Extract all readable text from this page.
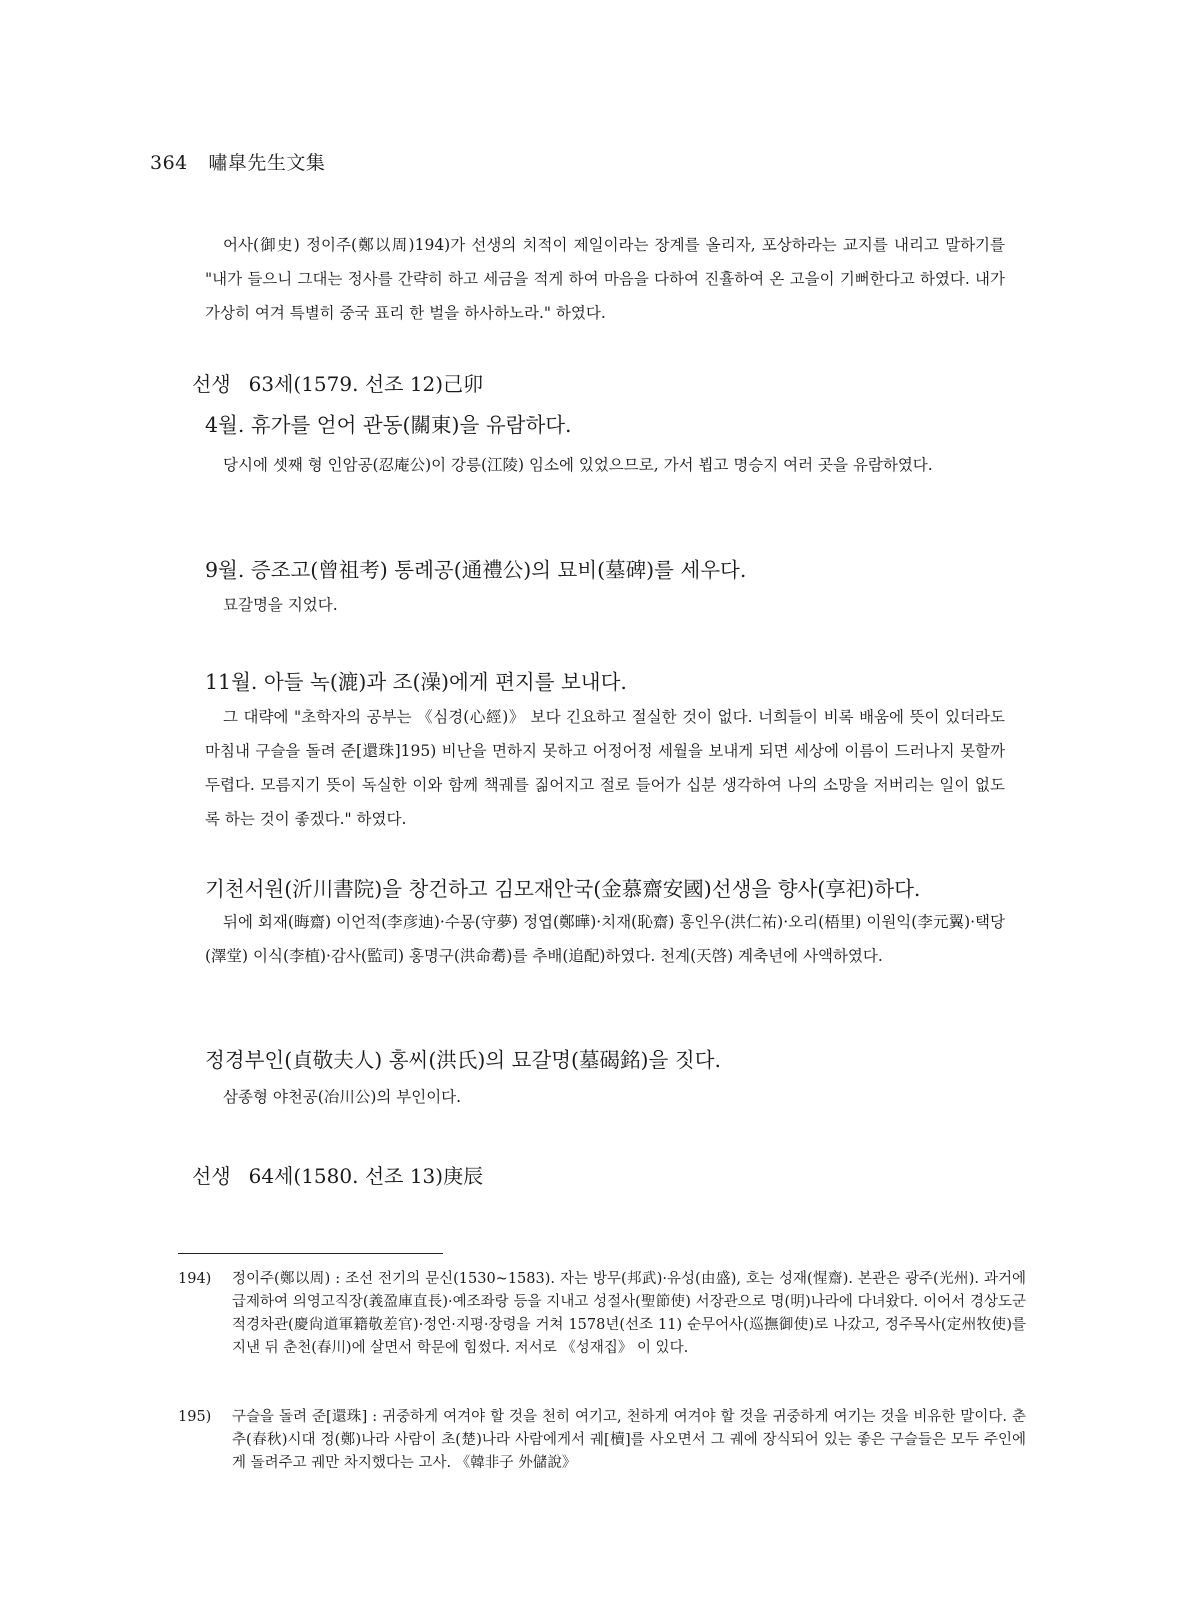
364 嘯皐先生文集

어사(御史) 정이주(鄭以周)194)가 선생의 치적이 제일이라는 장계를 올리자, 포상하라는 교지를 내리고 말하기를 "내가 들으니 그대는 정사를 간략히 하고 세금을 적게 하여 마음을 다하여 진휼하여 온 고을이 기뻐한다고 하였다. 내가 가상히 여겨 특별히 중국 표리 한 벌을 하사하노라." 하였다.

선생 63세(1579. 선조 12)己卯
4월. 휴가를 얻어 관동(關東)을 유람하다.

당시에 셋째 형 인암공(忍庵公)이 강릉(江陵) 임소에 있었으므로, 가서 뵙고 명승지 여러 곳을 유람하였다.

9월. 증조고(曾祖考) 통례공(通禮公)의 묘비(墓碑)를 세우다.

묘갈명을 지었다.

11월. 아들 녹(漉)과 조(澡)에게 편지를 보내다.

그 대략에 "초학자의 공부는 《심경(心經)》 보다 긴요하고 절실한 것이 없다. 너희들이 비록 배움에 뜻이 있더라도 마침내 구슬을 돌려 준[還珠]195) 비난을 면하지 못하고 어정어정 세월을 보내게 되면 세상에 이름이 드러나지 못할까 두렵다. 모름지기 뜻이 독실한 이와 함께 책궤를 짊어지고 절로 들어가 십분 생각하여 나의 소망을 저버리는 일이 없도록 하는 것이 좋겠다." 하였다.

기천서원(沂川書院)을 창건하고 김모재안국(金慕齋安國)선생을 향사(享祀)하다.

뒤에 회재(晦齋) 이언적(李彦迪)·수몽(守夢) 정엽(鄭曄)·치재(恥齋) 홍인우(洪仁祐)·오리(梧里) 이원익(李元翼)·택당(澤堂) 이식(李植)·감사(監司) 홍명구(洪命耈)를 추배(追配)하였다. 천계(天啓) 계축년에 사액하였다.

정경부인(貞敬夫人) 홍씨(洪氏)의 묘갈명(墓碣銘)을 짓다.

삼종형 야천공(冶川公)의 부인이다.

선생 64세(1580. 선조 13)庚辰
194)	정이주(鄭以周) : 조선 전기의 문신(1530~1583). 자는 방무(邦武)·유성(由盛), 호는 성재(惺齋). 본관은 광주(光州). 과거에 급제하여 의영고직장(義盈庫直長)·예조좌랑 등을 지내고 성절사(聖節使) 서장관으로 명(明)나라에 다녀왔다. 이어서 경상도군적경차관(慶尙道軍籍敬差官)·정언·지평·장령을 거쳐 1578년(선조 11) 순무어사(巡撫御使)로 나갔고, 정주목사(定州牧使)를 지낸 뒤 춘천(春川)에 살면서 학문에 힘썼다. 저서로 《성재집》 이 있다.

195)	구슬을 돌려 준[還珠] : 귀중하게 여겨야 할 것을 천히 여기고, 천하게 여겨야 할 것을 귀중하게 여기는 것을 비유한 말이다. 춘추(春秋)시대 정(鄭)나라 사람이 초(楚)나라 사람에게서 궤[櫝]를 사오면서 그 궤에 장식되어 있는 좋은 구슬들은 모두 주인에게 돌려주고 궤만 차지했다는 고사. 《韓非子 外儲說》
